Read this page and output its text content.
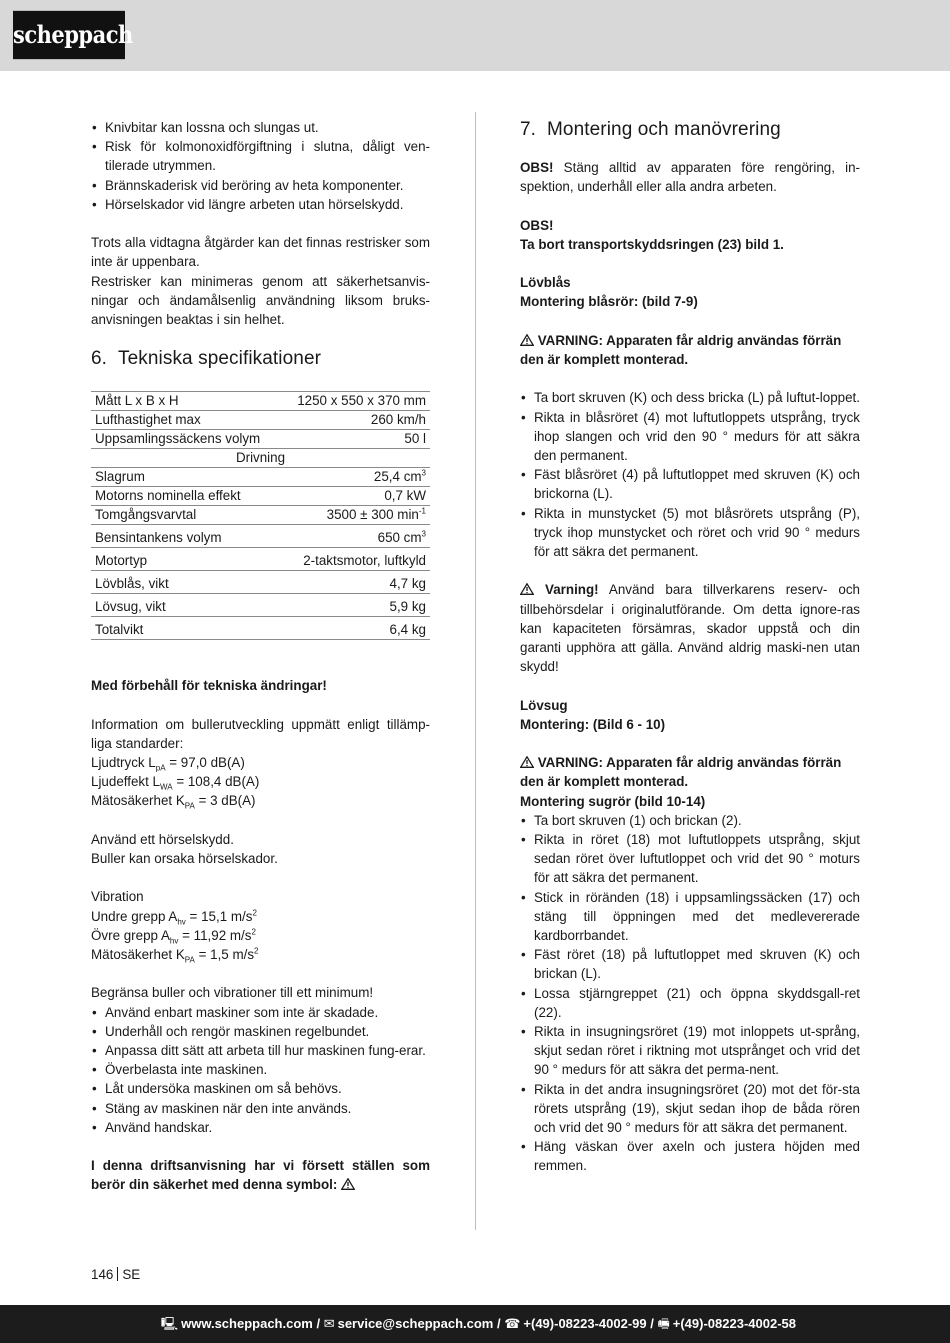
scheppach
• Knivbitar kan lossna och slungas ut.
• Risk för kolmonoxidförgiftning i slutna, dåligt ven-tilerade utrymmen.
• Brännskaderisk vid beröring av heta komponenter.
• Hörselskador vid längre arbeten utan hörselskydd.

Trots alla vidtagna åtgärder kan det finnas restrisker som inte är uppenbara.

Restrisker kan minimeras genom att säkerhetsanvis-ningar och ändamålsenlig användning liksom bruks-anvisningen beaktas i sin helhet.

6. Tekniska specifikationer
Mått L x B x H	1250 x 550 x 370 mm
Lufthastighet max	260 km/h
Uppsamlingssäckens volym	50 l
Drivning	
Slagrum	25,4 $cm^3$
Motorns nominella effekt	0,7 kW
Tomgångsvarvtal	3500 ± 300 $\min^{-1}$
Bensintankens volym	650 $cm^3$
Motortyp	2-taktsmotor, luftkyld
Lövblås, vikt	4,7 kg
Lövsug, vikt	5,9 kg
Totalvikt	6,4 kg

Med förbehåll för tekniska ändringar!

Information om bullerutveckling uppmätt enligt tillämp-liga standarder:

Ljudtryck $L_{pA} = 97,0$ dB(A)

Ljudeffekt $L_{WA} = 108,4$ dB(A)

Mätosäkerhet $K_{PA} = 3$ dB(A)

Använd ett hörselskydd.

Buller kan orsaka hörselskador.

Vibration

Undre grepp $A_{hv} = 15,1$ $m/s^2$

Övre grepp $A_{hv} = 11,92$ $m/s^2$

Mätosäkerhet $K_{PA} = 1,5$ $m/s^2$

Begränsa buller och vibrationer till ett minimum!

• Använd enbart maskiner som inte är skadade.
• Underhåll och rengör maskinen regelbundet.
• Anpassa ditt sätt att arbeta till hur maskinen fung-erar.
• Överbelasta inte maskinen.
• Låt undersöka maskinen om så behövs.
• Stäng av maskinen när den inte används.
• Använd handskar.

I denna driftsanvisning har vi försett ställen som berör din säkerhet med denna symbol:

7. Montering och manövrering

OBS! Stäng alltid av apparaten före rengöring, in-spektion, underhåll eller alla andra arbeten.

OBS!

Ta bort transportskyddsringen (23) bild 1.

Lövblås

Montering blåsrör: (bild 7-9)

VARNING: Apparaten får aldrig användas förrän den är komplett monterad.

• Ta bort skruven (K) och dess bricka (L) på luftut-loppet.
• Rikta in blåsröret (4) mot luftutloppets utsprång, tryck ihop slangen och vrid den 90 ° medurs för att säkra den permanent.
• Fäst blåsröret (4) på luftutloppet med skruven (K) och brickorna (L).
• Rikta in munstycket (5) mot blåsrörets utsprång (P), tryck ihop munstycket och röret och vrid 90 ° medurs för att säkra det permanent.

Varning! Använd bara tillverkarens reserv- och tillbehörsdelar i originalutförande. Om detta ignore-ras kan kapaciteten försämras, skador uppstå och din garanti upphöra att gälla. Använd aldrig maski-nen utan skydd!

Lövsug

Montering: (Bild 6 - 10)

VARNING: Apparaten får aldrig användas förrän den är komplett monterad.

Montering sugrör (bild 10-14)

• Ta bort skruven (1) och brickan (2).
• Rikta in röret (18) mot luftutloppets utsprång, skjut sedan röret över luftutloppet och vrid det 90 ° moturs för att säkra det permanent.
• Stick in röränden (18) i uppsamlingssäcken (17) och stäng till öppningen med det medlevererade kardborrbandet.
• Fäst röret (18) på luftutloppet med skruven (K) och brickan (L).
• Lossa stjärngreppet (21) och öppna skyddsgall-ret (22).
• Rikta in insugningsröret (19) mot inloppets ut-språng, skjut sedan röret i riktning mot utsprånget och vrid det 90 ° medurs för att säkra det perma-nent.
• Rikta in det andra insugningsröret (20) mot det för-sta rörets utsprång (19), skjut sedan ihop de båda rören och vrid det 90 ° medurs för att säkra det permanent.
• Häng väskan över axeln och justera höjden med remmen.
146 SE
🖳 www.scheppach.com / ✉ service@scheppach.com / ☎ +(49)-08223-4002-99 / 🖷 +(49)-08223-4002-58
